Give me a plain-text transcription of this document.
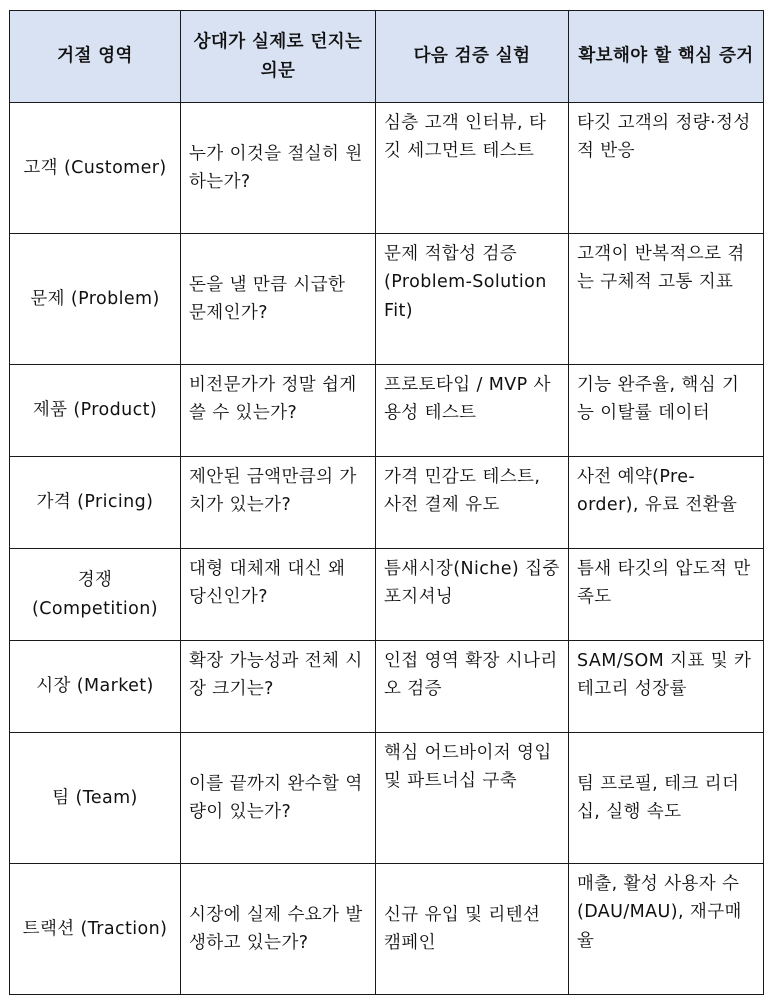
거절 영역	상대가 실제로 던지는 의문	다음 검증 실험	확보해야 할 핵심 증거
고객 (Customer)	누가 이것을 절실히 원하는가?	심층 고객 인터뷰, 타깃 세그먼트 테스트	타깃 고객의 정량·정성적 반응
문제 (Problem)	돈을 낼 만큼 시급한 문제인가?	문제 적합성 검증 (Problem-Solution Fit)	고객이 반복적으로 겪는 구체적 고통 지표
제품 (Product)	비전문가가 정말 쉽게 쓸 수 있는가?	프로토타입 / MVP 사용성 테스트	기능 완주율, 핵심 기능 이탈률 데이터
가격 (Pricing)	제안된 금액만큼의 가치가 있는가?	가격 민감도 테스트, 사전 결제 유도	사전 예약(Pre-order), 유료 전환율
경쟁 (Competition)	대형 대체재 대신 왜 당신인가?	틈새시장(Niche) 집중 포지셔닝	틈새 타깃의 압도적 만족도
시장 (Market)	확장 가능성과 전체 시장 크기는?	인접 영역 확장 시나리오 검증	SAM/SOM 지표 및 카테고리 성장률
팀 (Team)	이를 끝까지 완수할 역량이 있는가?	핵심 어드바이저 영입 및 파트너십 구축	팀 프로필, 테크 리더십, 실행 속도
트랙션 (Traction)	시장에 실제 수요가 발생하고 있는가?	신규 유입 및 리텐션 캠페인	매출, 활성 사용자 수(DAU/MAU), 재구매율
